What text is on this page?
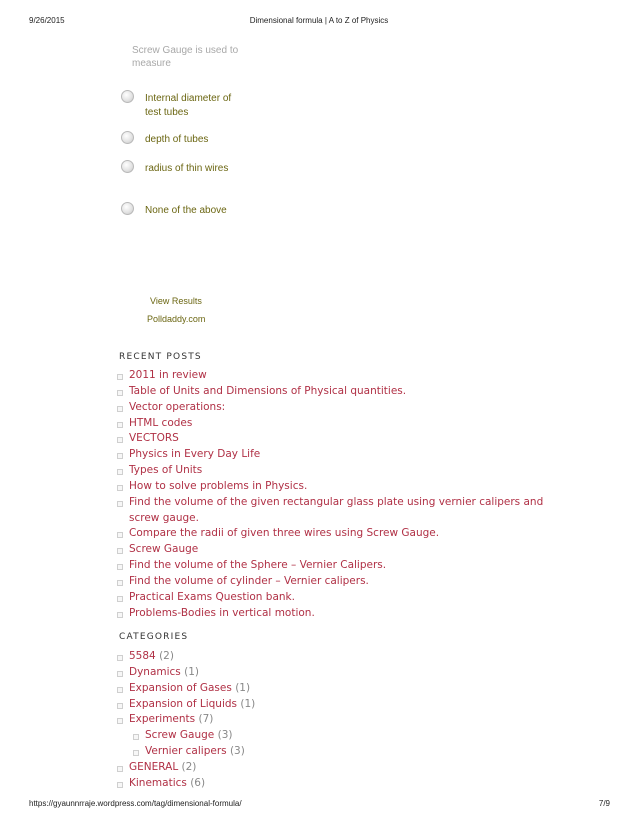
9/26/2015	Dimensional formula | A to Z of Physics
Screw Gauge is used to measure
Internal diameter of test tubes
depth of tubes
radius of thin wires
None of the above
View Results
Polldaddy.com
RECENT POSTS
2011 in review
Table of Units and Dimensions of Physical quantities.
Vector operations:
HTML codes
VECTORS
Physics in Every Day Life
Types of Units
How to solve problems in Physics.
Find the volume of the given rectangular glass plate using vernier calipers and
screw gauge.
Compare the radii of given three wires using Screw Gauge.
Screw Gauge
Find the volume of the Sphere – Vernier Calipers.
Find the volume of cylinder – Vernier calipers.
Practical Exams Question bank.
Problems-Bodies in vertical motion.
CATEGORIES
5584 (2)
Dynamics (1)
Expansion of Gases (1)
Expansion of Liquids (1)
Experiments (7)
Screw Gauge (3)
Vernier calipers (3)
GENERAL (2)
Kinematics (6)
https://gyaunnrraje.wordpress.com/tag/dimensional-formula/	7/9
